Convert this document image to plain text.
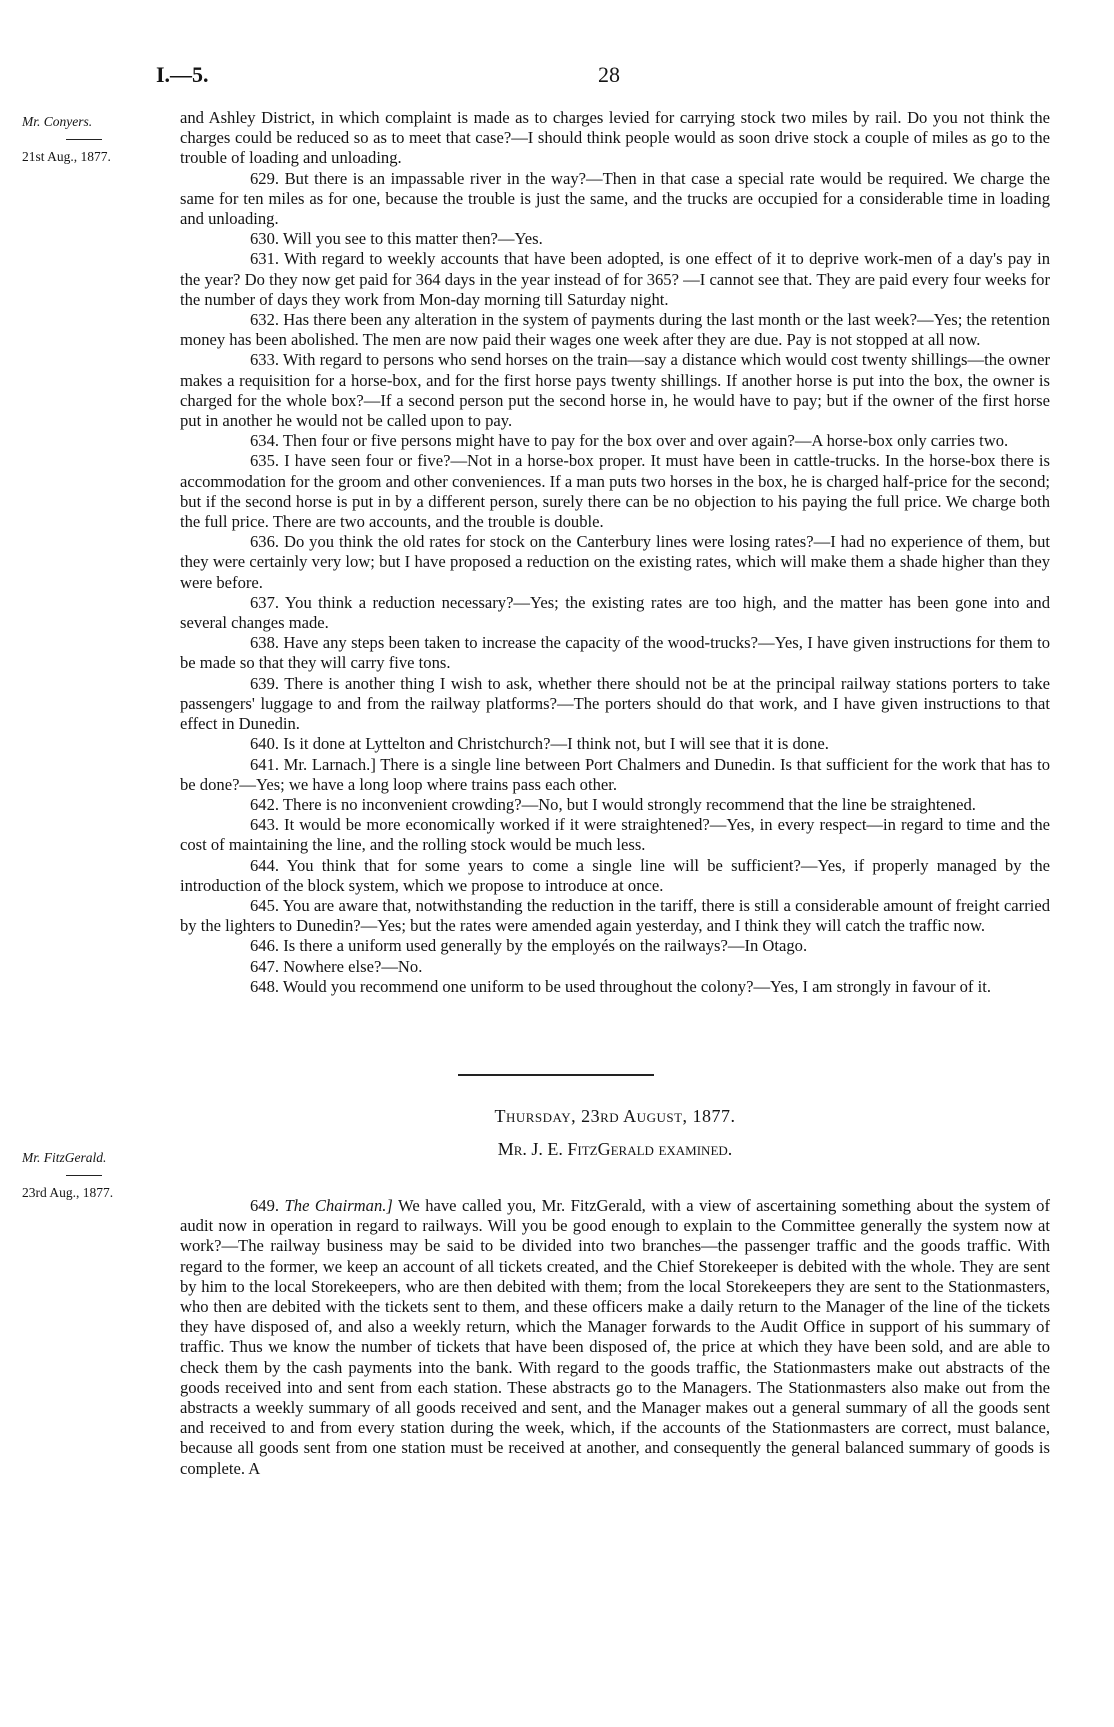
I.—5.	28
Mr. Conyers.
21st Aug., 1877.

and Ashley District, in which complaint is made as to charges levied for carrying stock two miles by rail. Do you not think the charges could be reduced so as to meet that case?—I should think people would as soon drive stock a couple of miles as go to the trouble of loading and unloading.

629. But there is an impassable river in the way?—Then in that case a special rate would be required. We charge the same for ten miles as for one, because the trouble is just the same, and the trucks are occupied for a considerable time in loading and unloading.

630. Will you see to this matter then?—Yes.

631. With regard to weekly accounts that have been adopted, is one effect of it to deprive work-men of a day's pay in the year? Do they now get paid for 364 days in the year instead of for 365? —I cannot see that. They are paid every four weeks for the number of days they work from Mon-day morning till Saturday night.

632. Has there been any alteration in the system of payments during the last month or the last week?—Yes; the retention money has been abolished. The men are now paid their wages one week after they are due. Pay is not stopped at all now.

633. With regard to persons who send horses on the train—say a distance which would cost twenty shillings—the owner makes a requisition for a horse-box, and for the first horse pays twenty shillings. If another horse is put into the box, the owner is charged for the whole box?—If a second person put the second horse in, he would have to pay; but if the owner of the first horse put in another he would not be called upon to pay.

634. Then four or five persons might have to pay for the box over and over again?—A horse-box only carries two.

635. I have seen four or five?—Not in a horse-box proper. It must have been in cattle-trucks. In the horse-box there is accommodation for the groom and other conveniences. If a man puts two horses in the box, he is charged half-price for the second; but if the second horse is put in by a different person, surely there can be no objection to his paying the full price. We charge both the full price. There are two accounts, and the trouble is double.

636. Do you think the old rates for stock on the Canterbury lines were losing rates?—I had no experience of them, but they were certainly very low; but I have proposed a reduction on the existing rates, which will make them a shade higher than they were before.

637. You think a reduction necessary?—Yes; the existing rates are too high, and the matter has been gone into and several changes made.

638. Have any steps been taken to increase the capacity of the wood-trucks?—Yes, I have given instructions for them to be made so that they will carry five tons.

639. There is another thing I wish to ask, whether there should not be at the principal railway stations porters to take passengers' luggage to and from the railway platforms?—The porters should do that work, and I have given instructions to that effect in Dunedin.

640. Is it done at Lyttelton and Christchurch?—I think not, but I will see that it is done.

641. Mr. Larnach.] There is a single line between Port Chalmers and Dunedin. Is that sufficient for the work that has to be done?—Yes; we have a long loop where trains pass each other.

642. There is no inconvenient crowding?—No, but I would strongly recommend that the line be straightened.

643. It would be more economically worked if it were straightened?—Yes, in every respect—in regard to time and the cost of maintaining the line, and the rolling stock would be much less.

644. You think that for some years to come a single line will be sufficient?—Yes, if properly managed by the introduction of the block system, which we propose to introduce at once.

645. You are aware that, notwithstanding the reduction in the tariff, there is still a considerable amount of freight carried by the lighters to Dunedin?—Yes; but the rates were amended again yesterday, and I think they will catch the traffic now.

646. Is there a uniform used generally by the employés on the railways?—In Otago.

647. Nowhere else?—No.

648. Would you recommend one uniform to be used throughout the colony?—Yes, I am strongly in favour of it.

Thursday, 23rd August, 1877.
Mr. J. E. FitzGerald examined.
Mr. FitzGerald.
23rd Aug., 1877.

649. The Chairman.] We have called you, Mr. FitzGerald, with a view of ascertaining something about the system of audit now in operation in regard to railways. Will you be good enough to explain to the Committee generally the system now at work?—The railway business may be said to be divided into two branches—the passenger traffic and the goods traffic. With regard to the former, we keep an account of all tickets created, and the Chief Storekeeper is debited with the whole. They are sent by him to the local Storekeepers, who are then debited with them; from the local Storekeepers they are sent to the Stationmasters, who then are debited with the tickets sent to them, and these officers make a daily return to the Manager of the line of the tickets they have disposed of, and also a weekly return, which the Manager forwards to the Audit Office in support of his summary of traffic. Thus we know the number of tickets that have been disposed of, the price at which they have been sold, and are able to check them by the cash payments into the bank. With regard to the goods traffic, the Stationmasters make out abstracts of the goods received into and sent from each station. These abstracts go to the Managers. The Stationmasters also make out from the abstracts a weekly summary of all goods received and sent, and the Manager makes out a general summary of all the goods sent and received to and from every station during the week, which, if the accounts of the Stationmasters are correct, must balance, because all goods sent from one station must be received at another, and consequently the general balanced summary of goods is complete. A
